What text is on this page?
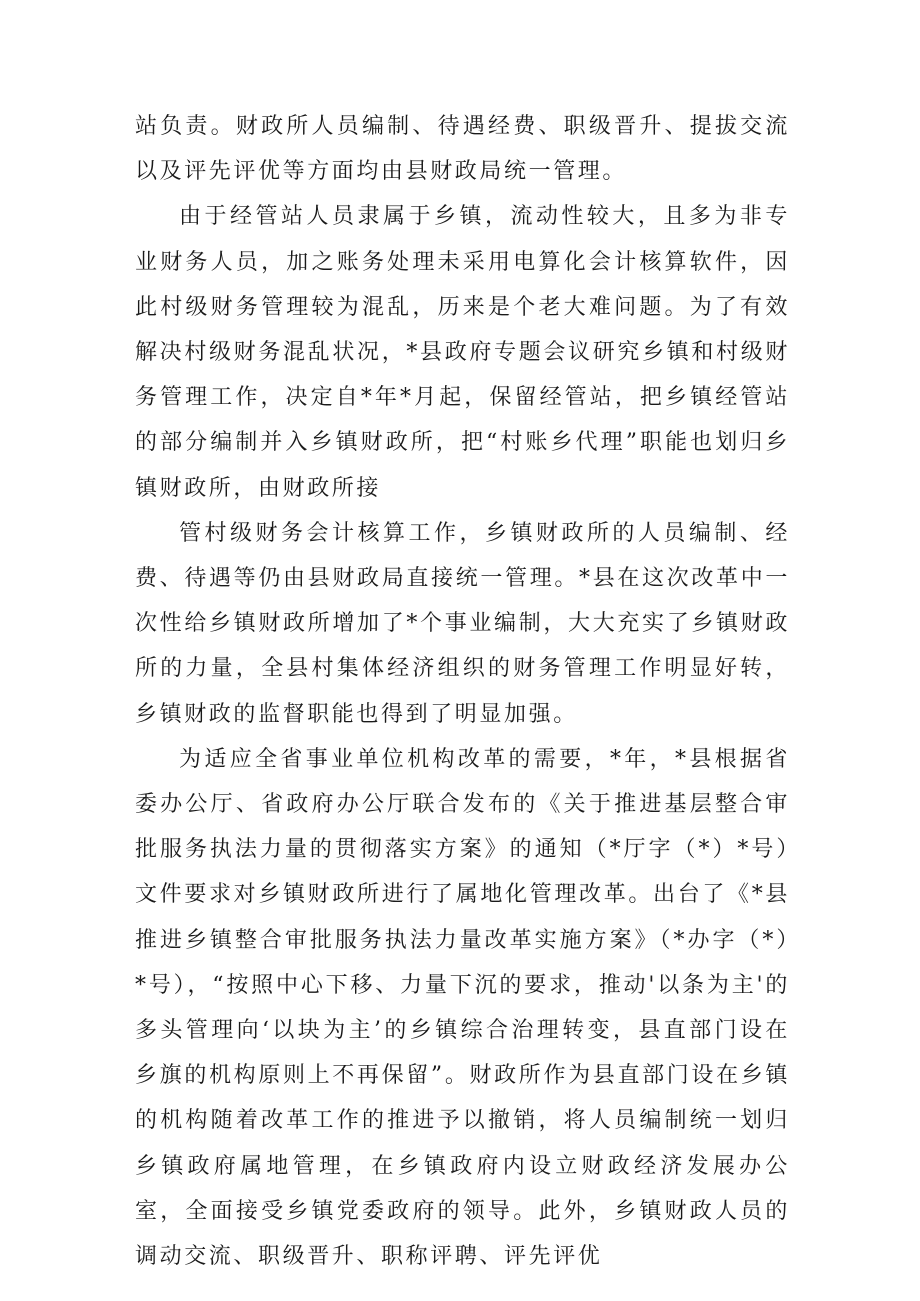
站负责。财政所人员编制、待遇经费、职级晋升、提拔交流以及评先评优等方面均由县财政局统一管理。

由于经管站人员隶属于乡镇，流动性较大，且多为非专业财务人员，加之账务处理未采用电算化会计核算软件，因此村级财务管理较为混乱，历来是个老大难问题。为了有效解决村级财务混乱状况，*县政府专题会议研究乡镇和村级财务管理工作，决定自*年*月起，保留经管站，把乡镇经管站的部分编制并入乡镇财政所，把“村账乡代理”职能也划归乡镇财政所，由财政所接

管村级财务会计核算工作，乡镇财政所的人员编制、经费、待遇等仍由县财政局直接统一管理。*县在这次改革中一次性给乡镇财政所增加了*个事业编制，大大充实了乡镇财政所的力量，全县村集体经济组织的财务管理工作明显好转，乡镇财政的监督职能也得到了明显加强。

为适应全省事业单位机构改革的需要，*年，*县根据省委办公厅、省政府办公厅联合发布的《关于推进基层整合审批服务执法力量的贯彻落实方案》的通知（*厅字（*）*号）文件要求对乡镇财政所进行了属地化管理改革。出台了《*县推进乡镇整合审批服务执法力量改革实施方案》（*办字（*）*号），“按照中心下移、力量下沉的要求，推动'以条为主'的多头管理向‘以块为主’的乡镇综合治理转变，县直部门设在乡旗的机构原则上不再保留”。财政所作为县直部门设在乡镇的机构随着改革工作的推进予以撤销，将人员编制统一划归乡镇政府属地管理，在乡镇政府内设立财政经济发展办公室，全面接受乡镇党委政府的领导。此外，乡镇财政人员的调动交流、职级晋升、职称评聘、评先评优
